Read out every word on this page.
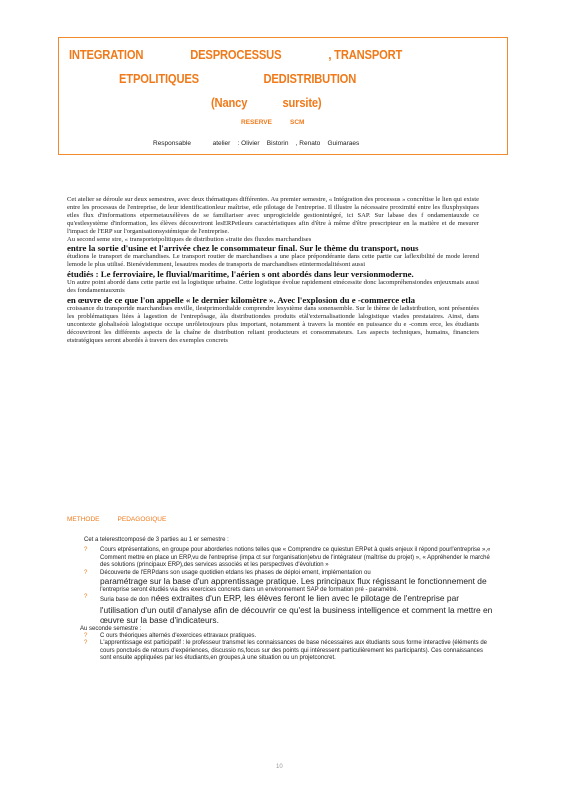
INTEGRATION                DESPROCESSUS                , TRANSPORT
ETPOLITIQUES                      DEDISTRIBUTION
(Nancy            sursite)
RESERVE          SCM
Responsable            atelier    : Olivier    Bistorin    , Renato    Guimaraes

Cet atelier se déroule sur deux semestres, avec deux thématiques différentes. Au premier semestre, « Intégration des processus » concrétise le lien qui existe entre les processus de l'entreprise, de leur identificationleur maîtrise, etle pilotage de l'entreprise. Il illustre la nécessaire proximité entre les fluxphysiques etles flux d'informations etpermetauxélèves de se familiariser avec unprogicielde gestionintégré, ici SAP. Sur labase des f ondamentauxde ce qu'estlesystème d'information, les élèves découvriront lesERPetleurs caractéristiques afin d'être à même d'être prescripteur en la matière et de mesurer l'impact de l'ERP sur l'organisationsystémique de l'entreprise.

Au second seme stre, « transportetpolitiques de distribution »traite des fluxdes marchandises

entre la sortie d'usine et l'arrivée chez le consommateur final. Sur le thème du transport, nous

étudions le transport de marchandises. Le transport routier de marchandises a une place prépondérante dans cette partie car laflexibilité de mode lerend lemode le plus utilisé. Bienévidemment, lesautres modes de transports de marchandises etintermodalitésont aussi

étudiés : Le ferroviaire, le fluvial/maritime, l'aérien s ont abordés dans leur versionmoderne.

Un autre point abordé dans cette partie est la logistique urbaine. Cette logistique évolue rapidement etnécessite donc lacompréhensiondes enjeuxmais aussi des fondamentauxmis

en œuvre de ce que l'on appelle « le dernier kilomètre ». Avec l'explosion du e -commerce etla

croissance du transportde marchandises enville, ilestprimordialde comprendre lesystème dans sonensemble. Sur le thème de ladistribution, sont présentées les problématiques liées à lagestion de l'entrepôsage, àla distributiondes produits etàl'externalisationde lalogistique viades prestataires. Ainsi, dans uncontexte globaliséoù lalogistique occupe unrôletoujours plus important, notamment à travers la montée en puissance du e -comm erce, les étudiants découvriront les différents aspects de la chaîne de distribution reliant producteurs et consommateurs. Les aspects techniques, humains, financiers etstratégiques seront abordés à travers des exemples concrets

METHODE          PEDAGOGIQUE
Cet a teleresttcomposé de 3 parties au 1 er semestre :
? Cours etprésentations, en groupe pour aborderles notions telles que « Comprendre ce quiestun ERPet à quels enjeux il répond pourl'entreprise »,« Comment mettre en place un ERP,vu de l'entreprise (impa ct sur l'organisation)etvu de l'intégrateur (maîtrise du projet) », « Appréhender le marché des solutions (principaux ERP),des services associés et les perspectives d'évolution »
? Découverte de l'ERPdans son usage quotidien etdans les phases de déploi ement, implémentation ou
paramétrage sur la base d'un apprentissage pratique. Les principaux flux régissant le fonctionnement de
l'entreprise seront étudiés via des exercices concrets dans un environnement SAP de formation pré - paramétré.
? Suria base de don nées extraites d'un ERP, les élèves feront le lien avec le pilotage de l'entreprise par l'utilisation d'un outil d'analyse afin de découvrir ce qu'est la business intelligence et comment la mettre en œuvre sur la base d'indicateurs.
Au seconde semestre :
? C ours théoriques alternés d'exercices ettravaux pratiques.
? L'apprentissage est participatif : le professeur transmet les connaissances de base nécessaires aux étudiants sous forme interactive (éléments de cours ponctués de retours d'expériences, discussio ns,focus sur des points qui intéressent particulièrement les participants). Ces connaissances sont ensuite appliquées par les étudiants,en groupes,à une situation ou un projetconcret.
10
